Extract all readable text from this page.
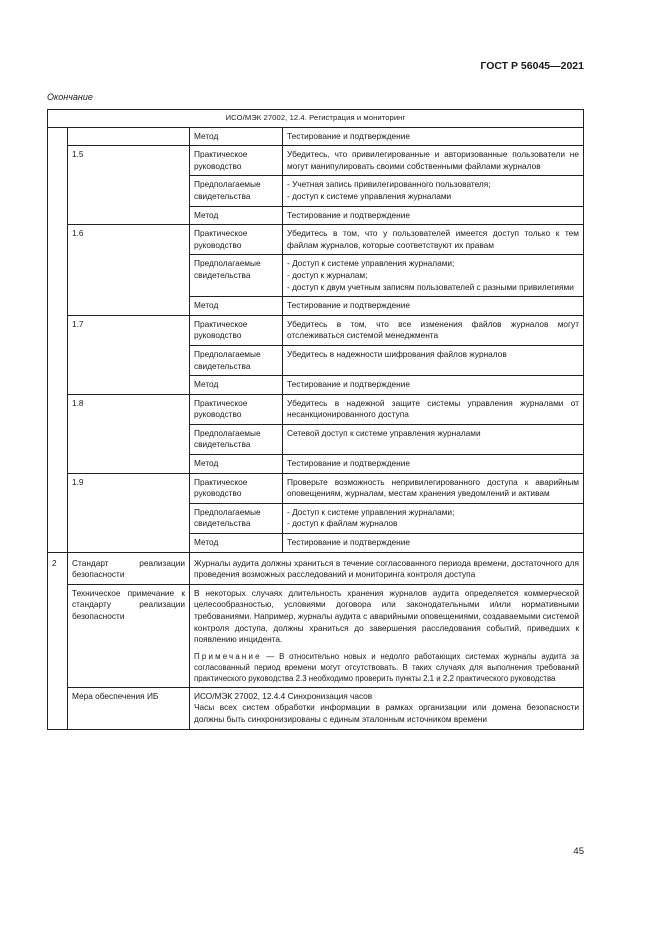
ГОСТ Р 56045—2021
Окончание
ИСО/МЭК 27002, 12.4. Регистрация и мониторинг			
		Метод	Тестирование и подтверждение
	1.5	Практическое руководство	Убедитесь, что привилегированные и авторизованные пользователи не могут манипулировать своими собственными файлами журналов
		Предполагаемые свидетельства	- Учетная запись привилегированного пользователя;

- доступ к системе управления журналами

		Метод	Тестирование и подтверждение
	1.6	Практическое руководство	Убедитесь в том, что у пользователей имеется доступ только к тем файлам журналов, которые соответствуют их правам
		Предполагаемые свидетельства	- Доступ к системе управления журналами;

- доступ к журналам;

- доступ к двум учетным записям пользователей с разными привилегиями

		Метод	Тестирование и подтверждение
	1.7	Практическое руководство	Убедитесь в том, что все изменения файлов журналов могут отслеживаться системой менеджмента
		Предполагаемые свидетельства	Убедитесь в надежности шифрования файлов журналов
		Метод	Тестирование и подтверждение
	1.8	Практическое руководство	Убедитесь в надежной защите системы управления журналами от несанкционированного доступа
		Предполагаемые свидетельства	Сетевой доступ к системе управления журналами
		Метод	Тестирование и подтверждение
	1.9	Практическое руководство	Проверьте возможность непривилегированного доступа к аварийным оповещениям, журналам, местам хранения уведомлений и активам
		Предполагаемые свидетельства	- Доступ к системе управления журналами;

- доступ к файлам журналов

		Метод	Тестирование и подтверждение
2	Стандарт реализации безопасности	Журналы аудита должны храниться в течение согласованного периода времени, достаточного для проведения возможных расследований и мониторинга контроля доступа	
	Техническое примечание к стандарту реализации безопасности	В некоторых случаях длительность хранения журналов аудита определяется коммерческой целесообразностью, условиями договора или законодательными и/или нормативными требованиями. Например, журналы аудита с аварийными оповещениями, создаваемыми системой контроля доступа, должны храниться до завершения расследования событий, приведших к появлению инцидента.

Примечание — В относительно новых и недолго работающих системах журналы аудита за согласованный период времени могут отсутствовать. В таких случаях для выполнения требований практического руководства 2.3 необходимо проверить пункты 2.1 и 2.2 практического руководства	

	Мера обеспечения ИБ	ИСО/МЭК 27002, 12.4.4 Синхронизация часов

Часы всех систем обработки информации в рамках организации или домена безопасности должны быть синхронизированы с единым эталонным источником времени	

45
